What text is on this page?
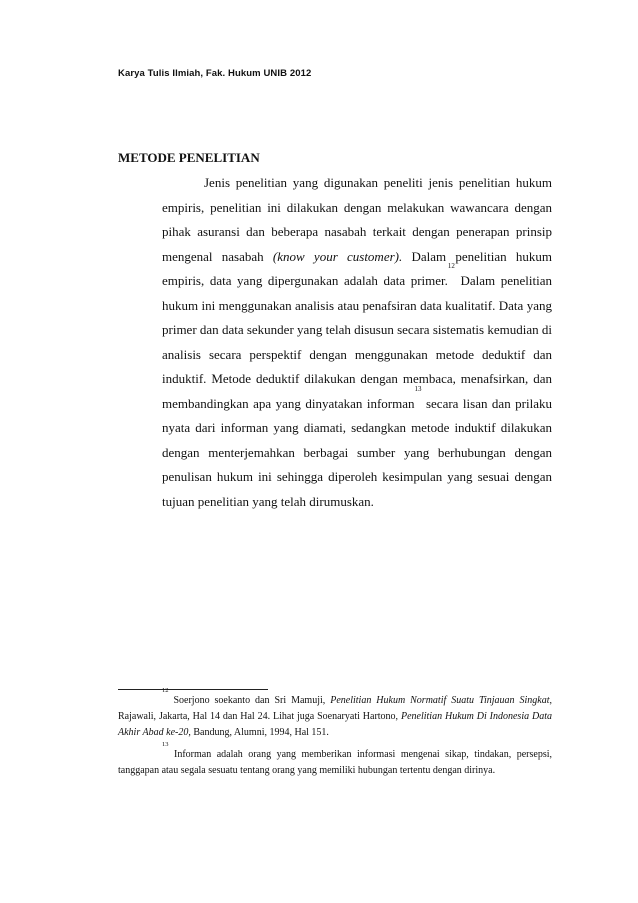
Karya Tulis Ilmiah, Fak. Hukum UNIB 2012
METODE PENELITIAN

Jenis penelitian yang digunakan peneliti jenis penelitian hukum empiris, penelitian ini dilakukan dengan melakukan wawancara dengan pihak asuransi dan beberapa nasabah terkait dengan penerapan prinsip mengenal nasabah (know your customer). Dalam penelitian hukum empiris, data yang dipergunakan adalah data primer.$^{12}$ Dalam penelitian hukum ini menggunakan analisis atau penafsiran data kualitatif. Data yang primer dan data sekunder yang telah disusun secara sistematis kemudian di analisis secara perspektif dengan menggunakan metode deduktif dan induktif. Metode deduktif dilakukan dengan membaca, menafsirkan, dan membandingkan apa yang dinyatakan informan$^{13}$ secara lisan dan prilaku nyata dari informan yang diamati, sedangkan metode induktif dilakukan dengan menterjemahkan berbagai sumber yang berhubungan dengan penulisan hukum ini sehingga diperoleh kesimpulan yang sesuai dengan tujuan penelitian yang telah dirumuskan.

$^{12}$ Soerjono soekanto dan Sri Mamuji, Penelitian Hukum Normatif Suatu Tinjauan Singkat, Rajawali, Jakarta, Hal 14 dan Hal 24. Lihat juga Soenaryati Hartono, Penelitian Hukum Di Indonesia Data Akhir Abad ke-20, Bandung, Alumni, 1994, Hal 151.

$^{13}$ Informan adalah orang yang memberikan informasi mengenai sikap, tindakan, persepsi, tanggapan atau segala sesuatu tentang orang yang memiliki hubungan tertentu dengan dirinya.
